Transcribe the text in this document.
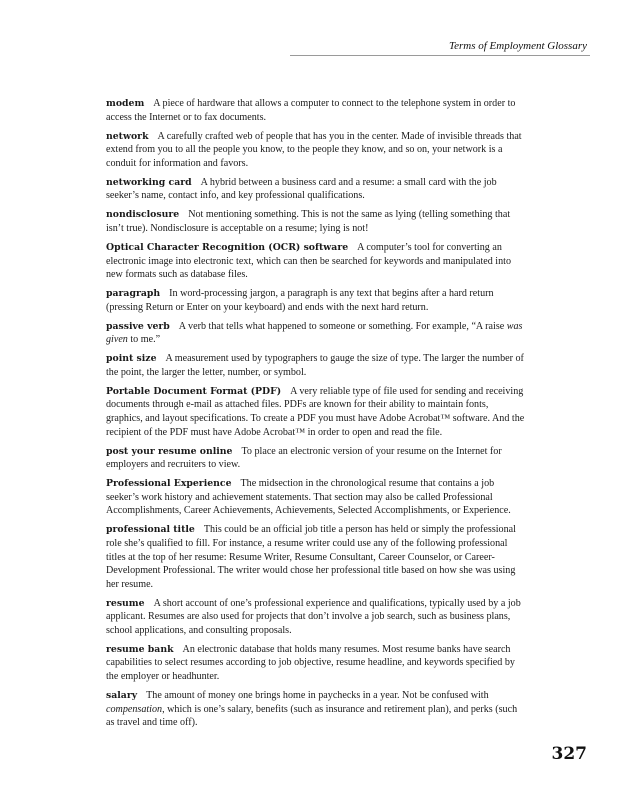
Terms of Employment Glossary

modem A piece of hardware that allows a computer to connect to the telephone system in order to access the Internet or to fax documents.

network A carefully crafted web of people that has you in the center. Made of invisible threads that extend from you to all the people you know, to the people they know, and so on, your network is a conduit for information and favors.

networking card A hybrid between a business card and a resume: a small card with the job seeker’s name, contact info, and key professional qualifications.

nondisclosure Not mentioning something. This is not the same as lying (telling something that isn’t true). Nondisclosure is acceptable on a resume; lying is not!

Optical Character Recognition (OCR) software A computer’s tool for converting an electronic image into electronic text, which can then be searched for keywords and manipulated into new formats such as database files.

paragraph In word-processing jargon, a paragraph is any text that begins after a hard return (pressing Return or Enter on your keyboard) and ends with the next hard return.

passive verb A verb that tells what happened to someone or something. For example, “A raise was given to me.”

point size A measurement used by typographers to gauge the size of type. The larger the number of the point, the larger the letter, number, or symbol.

Portable Document Format (PDF) A very reliable type of file used for sending and receiving documents through e-mail as attached files. PDFs are known for their ability to maintain fonts, graphics, and layout specifications. To create a PDF you must have Adobe Acrobat™ software. And the recipient of the PDF must have Adobe Acrobat™ in order to open and read the file.

post your resume online To place an electronic version of your resume on the Internet for employers and recruiters to view.

Professional Experience The midsection in the chronological resume that contains a job seeker’s work history and achievement statements. That section may also be called Professional Accomplishments, Career Achievements, Achievements, Selected Accomplishments, or Experience.

professional title This could be an official job title a person has held or simply the professional role she’s qualified to fill. For instance, a resume writer could use any of the following professional titles at the top of her resume: Resume Writer, Resume Consultant, Career Counselor, or Career-Development Professional. The writer would chose her professional title based on how she was using her resume.

resume A short account of one’s professional experience and qualifications, typically used by a job applicant. Resumes are also used for projects that don’t involve a job search, such as business plans, school applications, and consulting proposals.

resume bank An electronic database that holds many resumes. Most resume banks have search capabilities to select resumes according to job objective, resume headline, and keywords specified by the employer or headhunter.

salary The amount of money one brings home in paychecks in a year. Not be confused with compensation, which is one’s salary, benefits (such as insurance and retirement plan), and perks (such as travel and time off).

327
